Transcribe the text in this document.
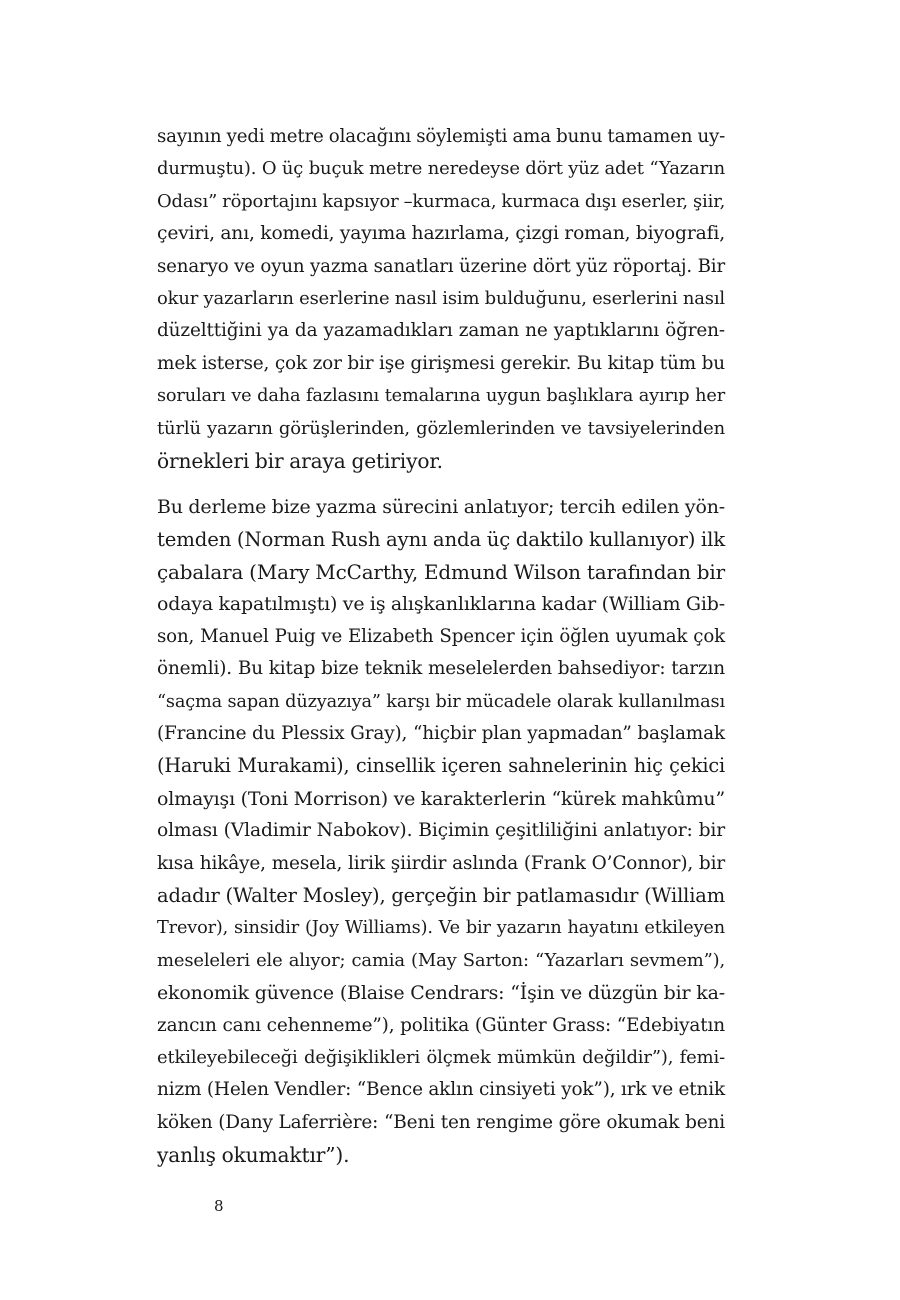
sayının yedi metre olacağını söylemişti ama bunu tamamen uy-
durmuştu). O üç buçuk metre neredeyse dört yüz adet “Yazarın
Odası” röportajını kapsıyor –kurmaca, kurmaca dışı eserler, şiir,
çeviri, anı, komedi, yayıma hazırlama, çizgi roman, biyografi,
senaryo ve oyun yazma sanatları üzerine dört yüz röportaj. Bir
okur yazarların eserlerine nasıl isim bulduğunu, eserlerini nasıl
düzelttiğini ya da yazamadıkları zaman ne yaptıklarını öğren-
mek isterse, çok zor bir işe girişmesi gerekir. Bu kitap tüm bu
soruları ve daha fazlasını temalarına uygun başlıklara ayırıp her
türlü yazarın görüşlerinden, gözlemlerinden ve tavsiyelerinden
örnekleri bir araya getiriyor.

Bu derleme bize yazma sürecini anlatıyor; tercih edilen yön-
temden (Norman Rush aynı anda üç daktilo kullanıyor) ilk
çabalara (Mary McCarthy, Edmund Wilson tarafından bir
odaya kapatılmıştı) ve iş alışkanlıklarına kadar (William Gib-
son, Manuel Puig ve Elizabeth Spencer için öğlen uyumak çok
önemli). Bu kitap bize teknik meselelerden bahsediyor: tarzın
“saçma sapan düzyazıya” karşı bir mücadele olarak kullanılması
(Francine du Plessix Gray), “hiçbir plan yapmadan” başlamak
(Haruki Murakami), cinsellik içeren sahnelerinin hiç çekici
olmayışı (Toni Morrison) ve karakterlerin “kürek mahkûmu”
olması (Vladimir Nabokov). Biçimin çeşitliliğini anlatıyor: bir
kısa hikâye, mesela, lirik şiirdir aslında (Frank O’Connor), bir
adadır (Walter Mosley), gerçeğin bir patlamasıdır (William
Trevor), sinsidir (Joy Williams). Ve bir yazarın hayatını etkileyen
meseleleri ele alıyor; camia (May Sarton: “Yazarları sevmem”),
ekonomik güvence (Blaise Cendrars: “İşin ve düzgün bir ka-
zancın canı cehenneme”), politika (Günter Grass: “Edebiyatın
etkileyebileceği değişiklikleri ölçmek mümkün değildir”), femi-
nizm (Helen Vendler: “Bence aklın cinsiyeti yok”), ırk ve etnik
köken (Dany Laferrière: “Beni ten rengime göre okumak beni
yanlış okumaktır”).

8
